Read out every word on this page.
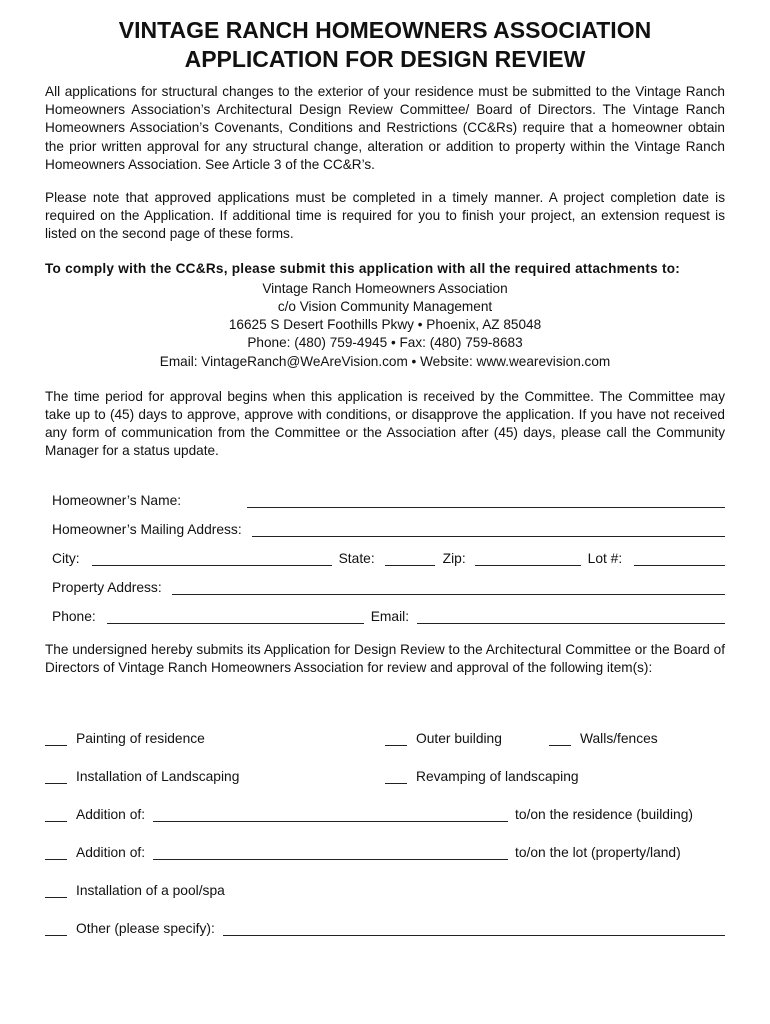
VINTAGE RANCH HOMEOWNERS ASSOCIATION
APPLICATION FOR DESIGN REVIEW

All applications for structural changes to the exterior of your residence must be submitted to the Vintage Ranch Homeowners Association’s Architectural Design Review Committee/ Board of Directors. The Vintage Ranch Homeowners Association’s Covenants, Conditions and Restrictions (CC&Rs) require that a homeowner obtain the prior written approval for any structural change, alteration or addition to property within the Vintage Ranch Homeowners Association. See Article 3 of the CC&R’s.

Please note that approved applications must be completed in a timely manner. A project completion date is required on the Application. If additional time is required for you to finish your project, an extension request is listed on the second page of these forms.

To comply with the CC&Rs, please submit this application with all the required attachments to:

Vintage Ranch Homeowners Association
c/o Vision Community Management
16625 S Desert Foothills Pkwy • Phoenix, AZ 85048
Phone: (480) 759-4945 • Fax: (480) 759-8683
Email: VintageRanch@WeAreVision.com • Website: www.wearevision.com

The time period for approval begins when this application is received by the Committee. The Committee may take up to (45) days to approve, approve with conditions, or disapprove the application. If you have not received any form of communication from the Committee or the Association after (45) days, please call the Community Manager for a status update.

Homeowner’s Name:
Homeowner’s Mailing Address:
City:	State:	Zip:	Lot #:
Property Address:
Phone:	Email:

The undersigned hereby submits its Application for Design Review to the Architectural Committee or the Board of Directors of Vintage Ranch Homeowners Association for review and approval of the following item(s):

Painting of residence	Outer building	Walls/fences
Installation of Landscaping	Revamping of landscaping
Addition of:	to/on the residence (building)
Addition of:	to/on the lot (property/land)
Installation of a pool/spa
Other (please specify):
